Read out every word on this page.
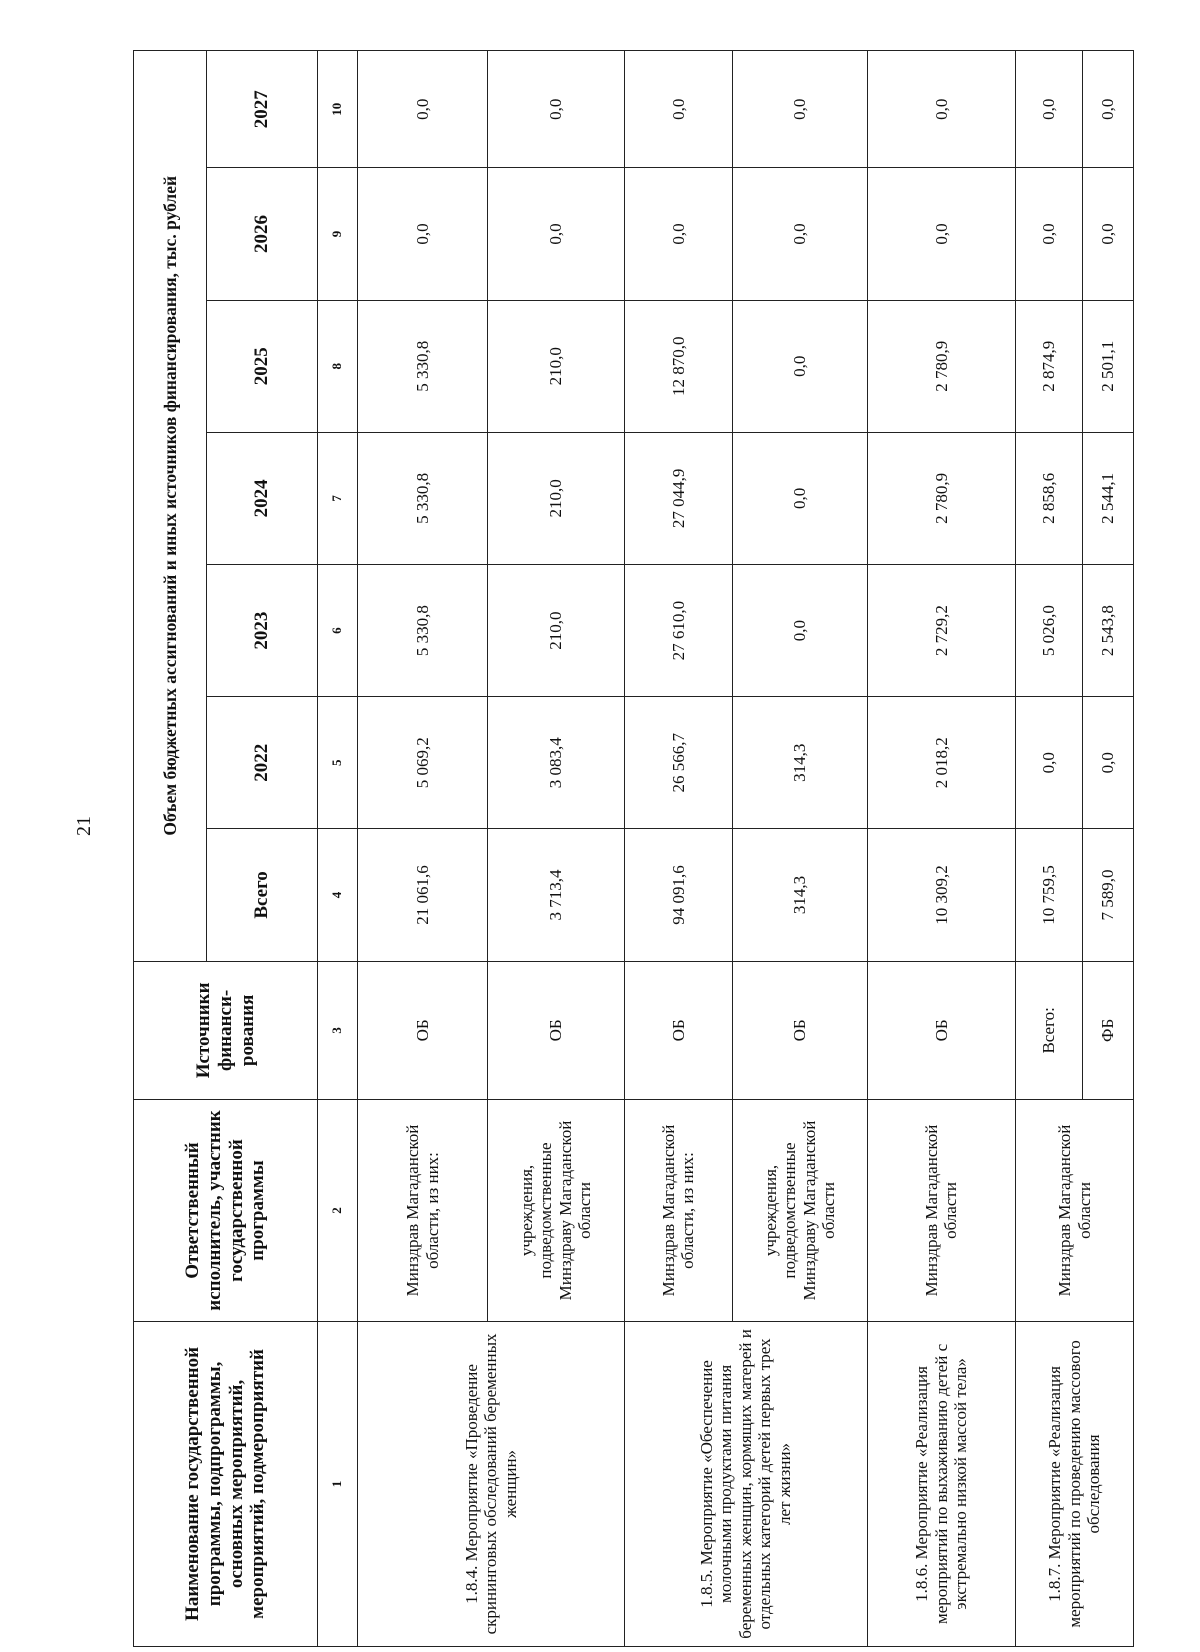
21
Наименование государственной программы, подпрограммы, основных мероприятий, мероприятий, подмероприятий	Ответственный исполнитель, участник государственной программы	Источники финанси-рования	Объем бюджетных ассигнований и иных источников финансирования, тыс. рублей						
			Всего	2022	2023	2024	2025	2026	2027
1	2	3	4	5	6	7	8	9	10
1.8.4. Мероприятие «Проведение скрининговых обследований беременных женщин»	Минздрав Магаданской области, из них:	ОБ	21 061,6	5 069,2	5 330,8	5 330,8	5 330,8	0,0	0,0
	учреждения, подведомственные Минздраву Магаданской области	ОБ	3 713,4	3 083,4	210,0	210,0	210,0	0,0	0,0
1.8.5. Мероприятие «Обеспечение молочными продуктами питания беременных женщин, кормящих матерей и отдельных категорий детей первых трех лет жизни»	Минздрав Магаданской области, из них:	ОБ	94 091,6	26 566,7	27 610,0	27 044,9	12 870,0	0,0	0,0
	учреждения, подведомственные Минздраву Магаданской области	ОБ	314,3	314,3	0,0	0,0	0,0	0,0	0,0
1.8.6. Мероприятие «Реализация мероприятий по выхаживанию детей с экстремально низкой массой тела»	Минздрав Магаданской области	ОБ	10 309,2	2 018,2	2 729,2	2 780,9	2 780,9	0,0	0,0
1.8.7. Мероприятие «Реализация мероприятий по проведению массового обследования	Минздрав Магаданской области	Всего:	10 759,5	0,0	5 026,0	2 858,6	2 874,9	0,0	0,0
		ФБ	7 589,0	0,0	2 543,8	2 544,1	2 501,1	0,0	0,0
